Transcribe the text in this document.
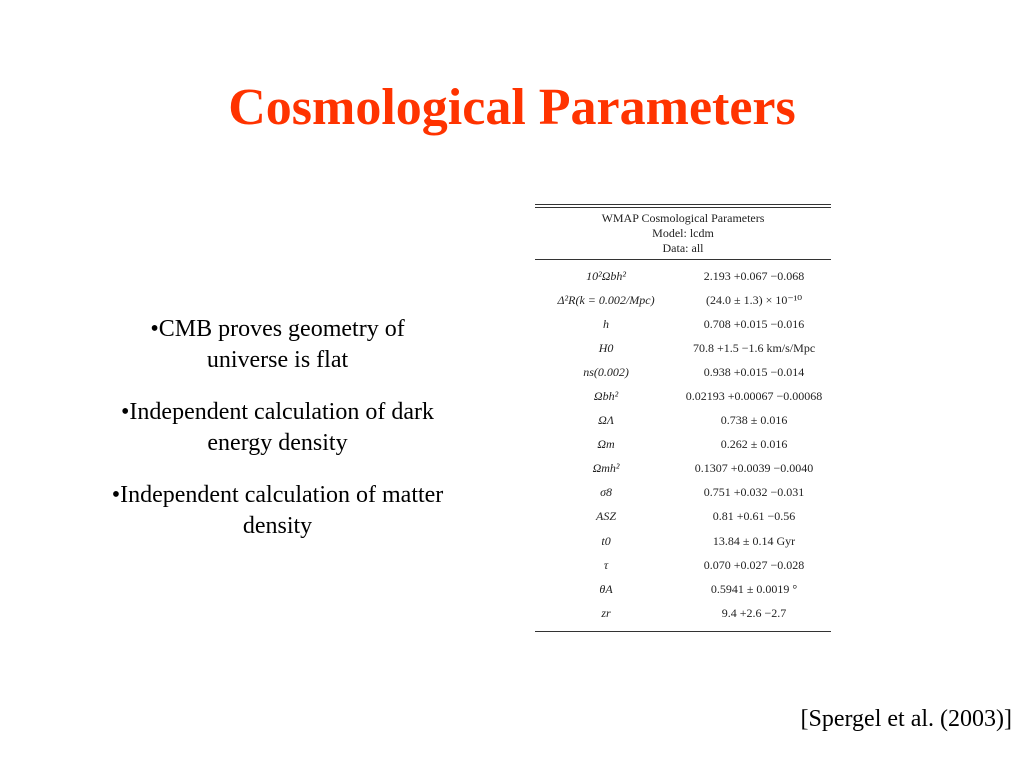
Cosmological Parameters
•CMB proves geometry of universe is flat
•Independent calculation of dark energy density
•Independent calculation of matter density
WMAP Cosmological Parameters
Model: lcdm
Data: all
10²Ωbh²	2.193 +0.067 −0.068
Δ²R(k = 0.002/Mpc)	(24.0 ± 1.3) × 10⁻¹⁰
h	0.708 +0.015 −0.016
H0	70.8 +1.5 −1.6 km/s/Mpc
ns(0.002)	0.938 +0.015 −0.014
Ωbh²	0.02193 +0.00067 −0.00068
ΩΛ	0.738 ± 0.016
Ωm	0.262 ± 0.016
Ωmh²	0.1307 +0.0039 −0.0040
σ8	0.751 +0.032 −0.031
ASZ	0.81 +0.61 −0.56
t0	13.84 ± 0.14 Gyr
τ	0.070 +0.027 −0.028
θA	0.5941 ± 0.0019 °
zr	9.4 +2.6 −2.7
[Spergel et al. (2003)]
